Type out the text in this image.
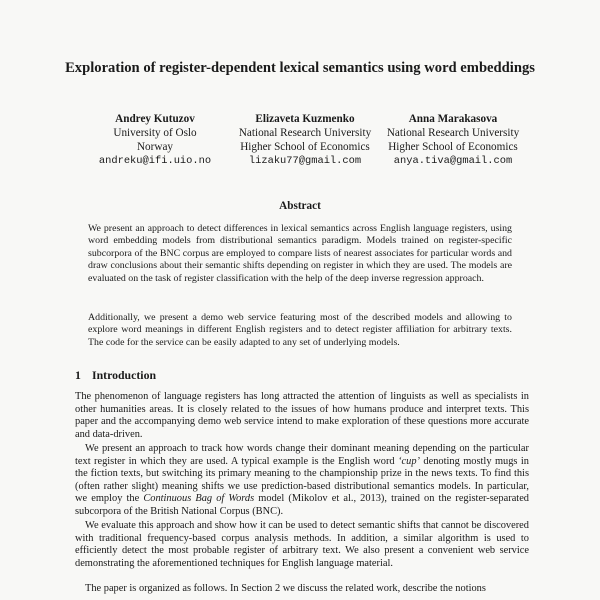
Exploration of register-dependent lexical semantics using word embeddings
Andrey Kutuzov
University of Oslo
Norway
andreku@ifi.uio.no
Elizaveta Kuzmenko
National Research University
Higher School of Economics
lizaku77@gmail.com
Anna Marakasova
National Research University
Higher School of Economics
anya.tiva@gmail.com
Abstract

We present an approach to detect differences in lexical semantics across English language registers, using word embedding models from distributional semantics paradigm. Models trained on register-specific subcorpora of the BNC corpus are employed to compare lists of nearest associates for particular words and draw conclusions about their semantic shifts depending on register in which they are used. The models are evaluated on the task of register classification with the help of the deep inverse regression approach.

Additionally, we present a demo web service featuring most of the described models and allowing to explore word meanings in different English registers and to detect register affiliation for arbitrary texts. The code for the service can be easily adapted to any set of underlying models.

1 Introduction

The phenomenon of language registers has long attracted the attention of linguists as well as specialists in other humanities areas. It is closely related to the issues of how humans produce and interpret texts. This paper and the accompanying demo web service intend to make exploration of these questions more accurate and data-driven.

We present an approach to track how words change their dominant meaning depending on the particular text register in which they are used. A typical example is the English word ‘cup’ denoting mostly mugs in the fiction texts, but switching its primary meaning to the championship prize in the news texts. To find this (often rather slight) meaning shifts we use prediction-based distributional semantics models. In particular, we employ the Continuous Bag of Words model (Mikolov et al., 2013), trained on the register-separated subcorpora of the British National Corpus (BNC).

We evaluate this approach and show how it can be used to detect semantic shifts that cannot be discovered with traditional frequency-based corpus analysis methods. In addition, a similar algorithm is used to efficiently detect the most probable register of arbitrary text. We also present a convenient web service demonstrating the aforementioned techniques for English language material.

The paper is organized as follows. In Section 2 we discuss the related work, describe the notions
